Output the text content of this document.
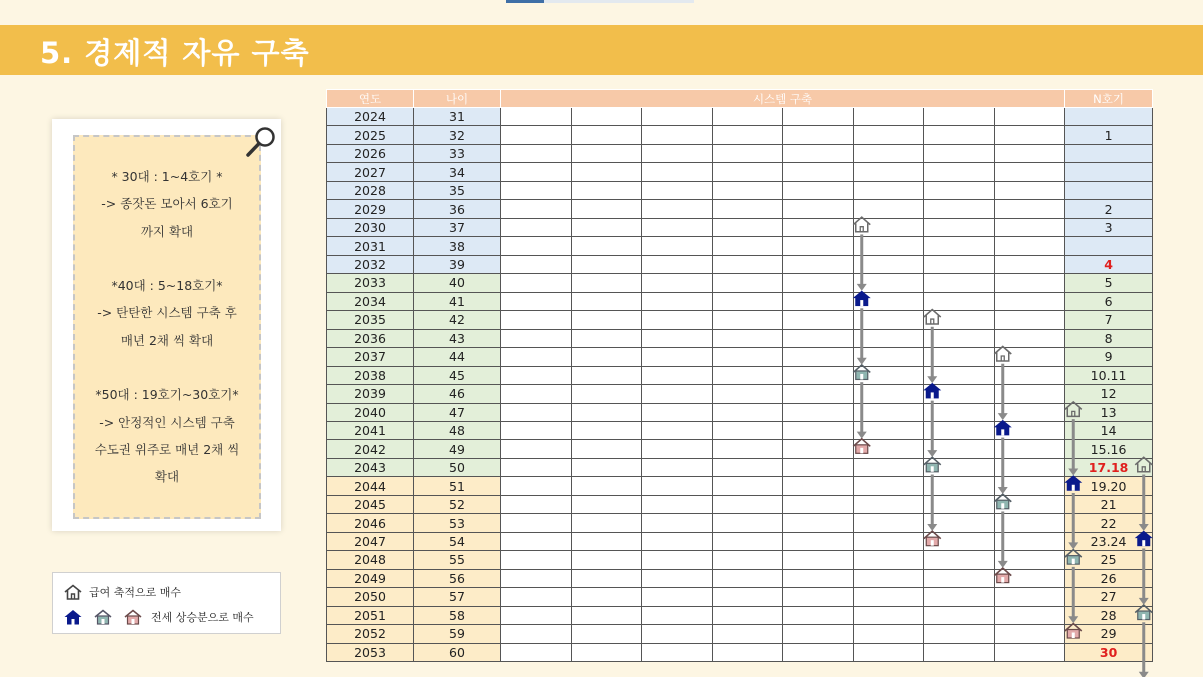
5. 경제적 자유 구축
* 30대 : 1~4호기 *
-> 종잣돈 모아서 6호기
까지 확대
*40대 : 5~18호기*
-> 탄탄한 시스템 구축 후
매년 2채 씩 확대
*50대 : 19호기~30호기*
-> 안정적인 시스템 구축
수도권 위주로 매년 2채 씩
확대
급여 축적으로 매수
전세 상승분으로 매수
연도	나이	시스템 구축								N호기
2024	31									
2025	32									1
2026	33									
2027	34									
2028	35									
2029	36									2
2030	37									3
2031	38									
2032	39									4
2033	40									5
2034	41									6
2035	42									7
2036	43									8
2037	44									9
2038	45									10.11
2039	46									12
2040	47									13
2041	48									14
2042	49									15.16
2043	50									17.18
2044	51									19.20
2045	52									21
2046	53									22
2047	54									23.24
2048	55									25
2049	56									26
2050	57									27
2051	58									28
2052	59									29
2053	60									30
